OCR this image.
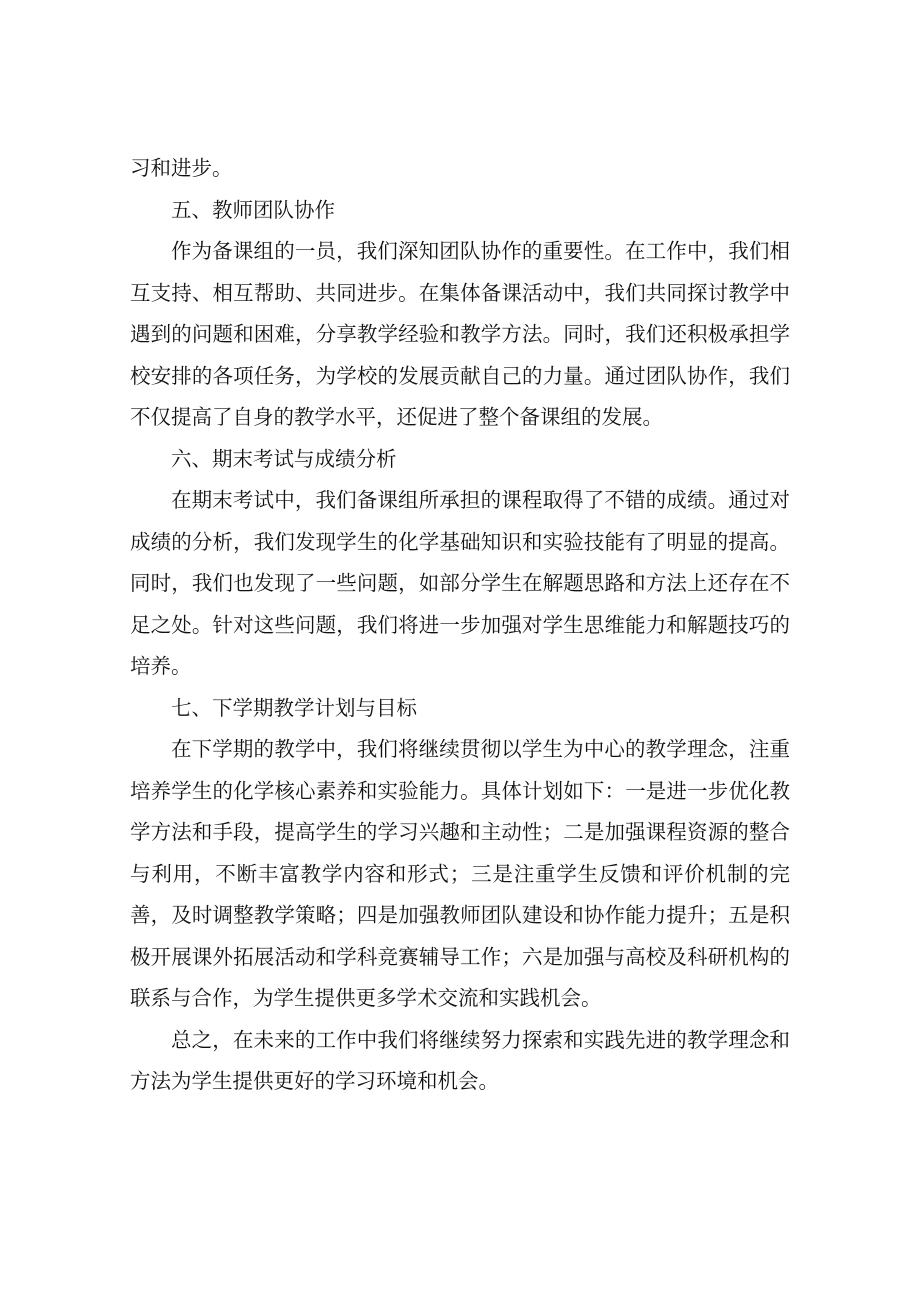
习和进步。

五、教师团队协作

作为备课组的一员，我们深知团队协作的重要性。在工作中，我们相互支持、相互帮助、共同进步。在集体备课活动中，我们共同探讨教学中遇到的问题和困难，分享教学经验和教学方法。同时，我们还积极承担学校安排的各项任务，为学校的发展贡献自己的力量。通过团队协作，我们不仅提高了自身的教学水平，还促进了整个备课组的发展。

六、期末考试与成绩分析

在期末考试中，我们备课组所承担的课程取得了不错的成绩。通过对成绩的分析，我们发现学生的化学基础知识和实验技能有了明显的提高。同时，我们也发现了一些问题，如部分学生在解题思路和方法上还存在不足之处。针对这些问题，我们将进一步加强对学生思维能力和解题技巧的培养。

七、下学期教学计划与目标

在下学期的教学中，我们将继续贯彻以学生为中心的教学理念，注重培养学生的化学核心素养和实验能力。具体计划如下：一是进一步优化教学方法和手段，提高学生的学习兴趣和主动性；二是加强课程资源的整合与利用，不断丰富教学内容和形式；三是注重学生反馈和评价机制的完善，及时调整教学策略；四是加强教师团队建设和协作能力提升；五是积极开展课外拓展活动和学科竞赛辅导工作；六是加强与高校及科研机构的联系与合作，为学生提供更多学术交流和实践机会。

总之，在未来的工作中我们将继续努力探索和实践先进的教学理念和方法为学生提供更好的学习环境和机会。
